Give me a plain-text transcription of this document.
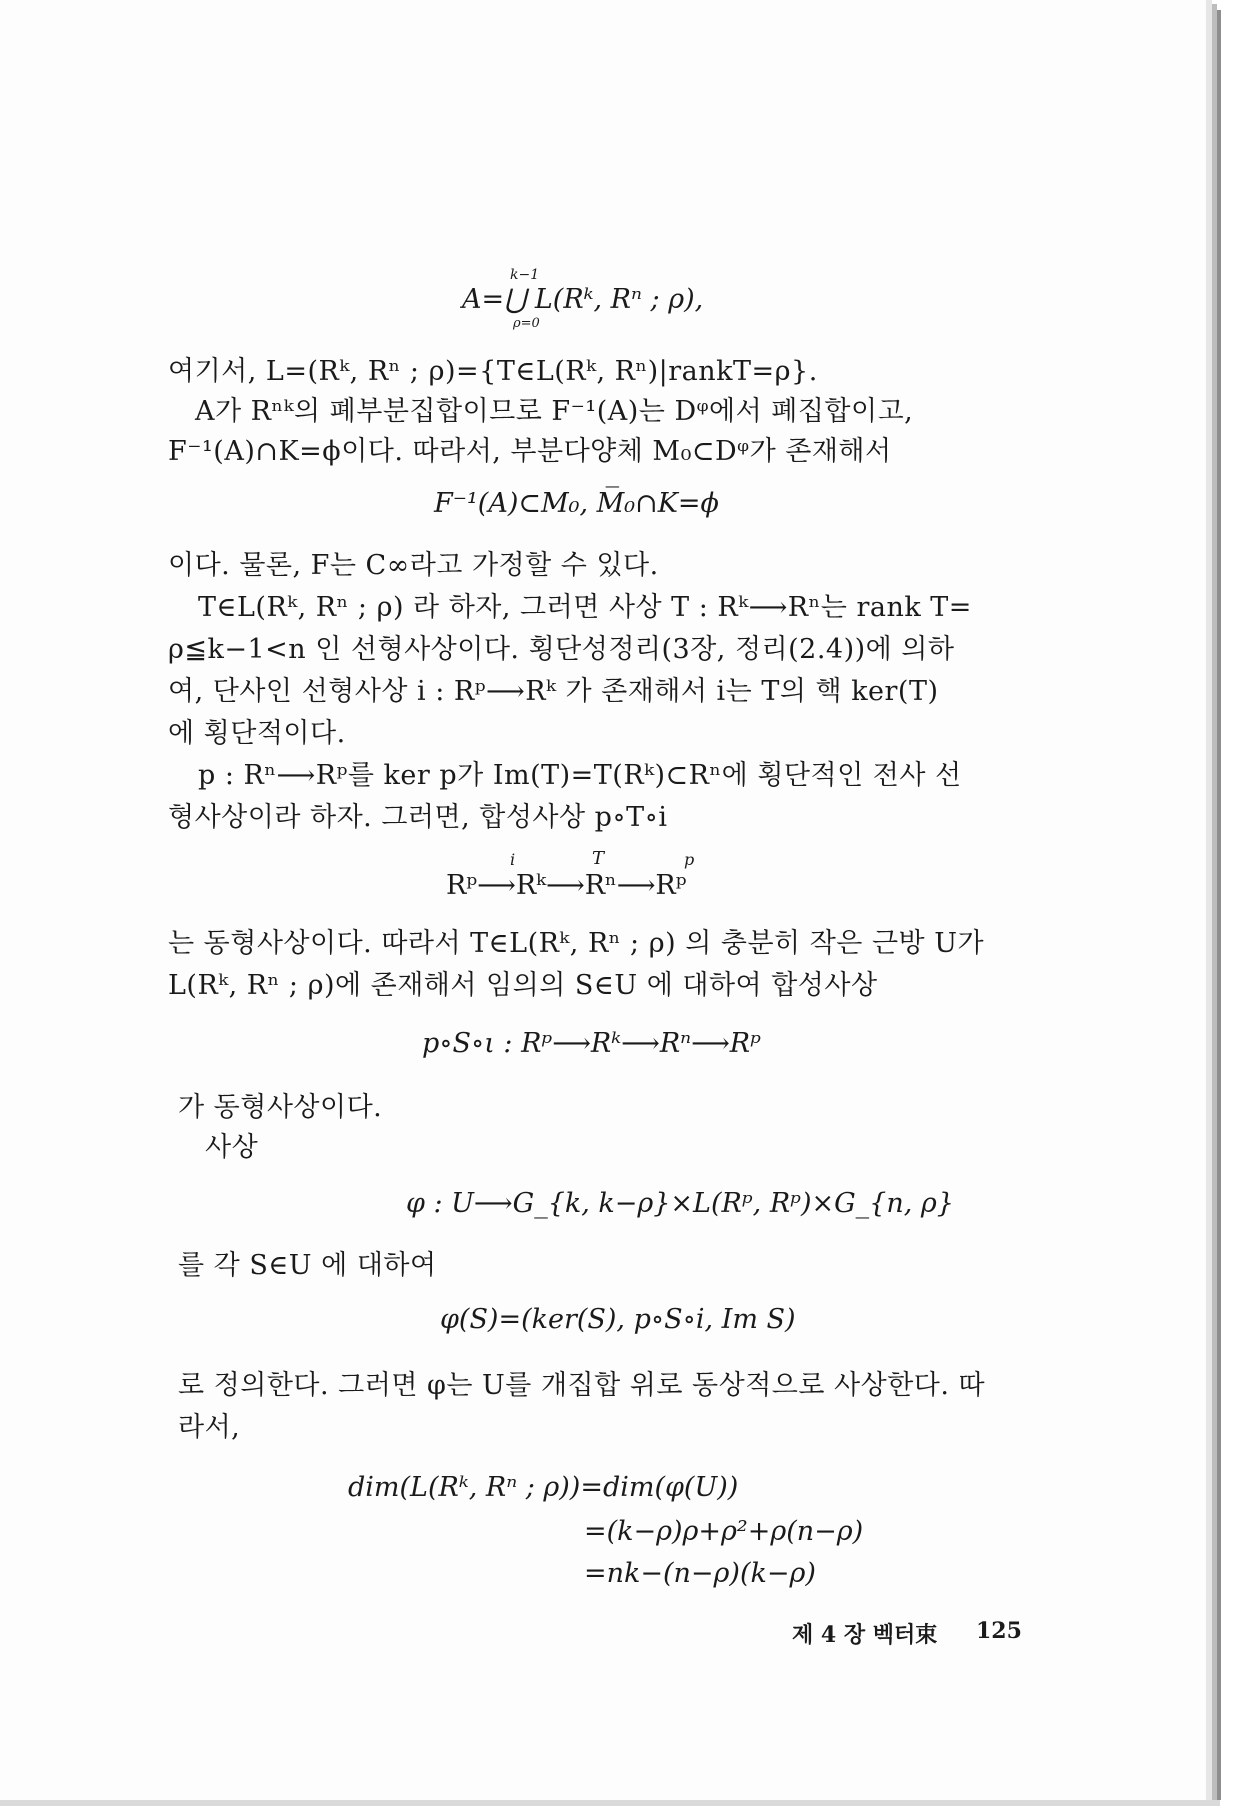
k−1
A=⋃ L(Rᵏ, Rⁿ ; ρ),
ρ=0
여기서, L=(Rᵏ, Rⁿ ; ρ)={T∈L(Rᵏ, Rⁿ)|rankT=ρ}.
A가 Rⁿᵏ의 폐부분집합이므로 F⁻¹(A)는 Dᵠ에서 폐집합이고,
F⁻¹(A)∩K=ϕ이다. 따라서, 부분다양체 M₀⊂Dᵠ가 존재해서
F⁻¹(A)⊂M₀, M̅₀∩K=ϕ
이다. 물론, F는 C∞라고 가정할 수 있다.
T∈L(Rᵏ, Rⁿ ; ρ) 라 하자, 그러면 사상 T : Rᵏ⟶Rⁿ는 rank T=
ρ≦k−1<n 인 선형사상이다. 횡단성정리(3장, 정리(2.4))에 의하
여, 단사인 선형사상 i : Rᵖ⟶Rᵏ 가 존재해서 i는 T의 핵 ker(T)
에 횡단적이다.
p : Rⁿ⟶Rᵖ를 ker p가 Im(T)=T(Rᵏ)⊂Rⁿ에 횡단적인 전사 선
형사상이라 하자. 그러면, 합성사상 p∘T∘i
i	T	p
Rᵖ⟶Rᵏ⟶Rⁿ⟶Rᵖ
는 동형사상이다. 따라서 T∈L(Rᵏ, Rⁿ ; ρ) 의 충분히 작은 근방 U가
L(Rᵏ, Rⁿ ; ρ)에 존재해서 임의의 S∈U 에 대하여 합성사상
p∘S∘ι : Rᵖ⟶Rᵏ⟶Rⁿ⟶Rᵖ
가 동형사상이다.
사상
φ : U⟶G_{k, k−ρ}×L(Rᵖ, Rᵖ)×G_{n, ρ}
를 각 S∈U 에 대하여
φ(S)=(ker(S), p∘S∘i, Im S)
로 정의한다. 그러면 φ는 U를 개집합 위로 동상적으로 사상한다. 따
라서,
dim(L(Rᵏ, Rⁿ ; ρ))=dim(φ(U))
=(k−ρ)ρ+ρ²+ρ(n−ρ)
=nk−(n−ρ)(k−ρ)
제 4 장 벡터束 125
